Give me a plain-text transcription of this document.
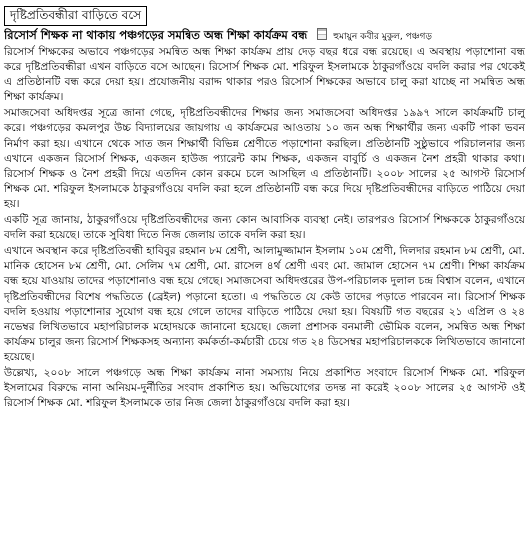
দৃষ্টিপ্রতিবন্ধীরা বাড়িতে বসে
রিসোর্স শিক্ষক না থাকায় পঞ্চগড়ের সমন্বিত অন্ধ শিক্ষা কার্যক্রম বন্ধ	হুমায়ুন কবীর মুকুল, পঞ্চগড়

রিসোর্স শিক্ষকের অভাবে পঞ্চগড়ের সমন্বিত অন্ধ শিক্ষা কার্যক্রম প্রায় দেড় বছর ধরে বন্ধ রয়েছে। এ অবস্থায় পড়াশোনা বন্ধ করে দৃষ্টিপ্রতিবন্ধীরা এখন বাড়িতে বসে আছেন। রিসোর্স শিক্ষক মো. শরিফুল ইসলামকে ঠাকুরগাঁওয়ে বদলি করার পর থেকেই এ প্রতিষ্ঠানটি বন্ধ করে দেয়া হয়। প্রযোজনীয় বরাদ্দ থাকার পরও রিসোর্স শিক্ষকের অভাবে চালু করা যাচ্ছে না সমন্বিত অন্ধ শিক্ষা কার্যক্রম।

সমাজসেবা অধিদপ্তর সূত্রে জানা গেছে, দৃষ্টিপ্রতিবন্ধীদের শিক্ষার জন্য সমাজসেবা অধিদপ্তর ১৯৯৭ সালে কার্যক্রমটি চালু করে। পঞ্চগড়ের কমলপুর উচ্চ বিদ্যালয়ের জায়গায় এ কার্যক্রমের আওতায় ১০ জন অন্ধ শিক্ষার্থীর জন্য একটি পাকা ভবন নির্মাণ করা হয়। এখানে থেকে সাত জন শিক্ষার্থী বিভিন্ন শ্রেণীতে পড়াশোনা করছিল। প্রতিষ্ঠানটি সুষ্ঠুভাবে পরিচালনার জন্য এখানে একজন রিসোর্স শিক্ষক, একজন হাউজ প্যারেন্ট কাম শিক্ষক, একজন বাবুর্চি ও একজন নৈশ প্রহরী থাকার কথা। রিসোর্স শিক্ষক ও নৈশ প্রহরী দিয়ে এতদিন কোন রকমে চলে আসছিল এ প্রতিষ্ঠানটি। ২০০৮ সালের ২৫ আগস্ট রিসোর্স শিক্ষক মো. শরিফুল ইসলামকে ঠাকুরগাঁওয়ে বদলি করা হলে প্রতিষ্ঠানটি বন্ধ করে দিয়ে দৃষ্টিপ্রতিবন্ধীদের বাড়িতে পাঠিয়ে দেয়া হয়।

একটি সূত্র জানায়, ঠাকুরগাঁওয়ে দৃষ্টিপ্রতিবন্ধীদের জন্য কোন আবাসিক ব্যবস্থা নেই। তারপরও রিসোর্স শিক্ষককে ঠাকুরগাঁওয়ে বদলি করা হয়েছে। তাকে সুবিধা দিতে নিজ জেলায় তাকে বদলি করা হয়।

এখানে অবস্থান করে দৃষ্টিপ্রতিবন্ধী হাবিবুর রহমান ৮ম শ্রেণী, আলামুজ্জামান ইসলাম ১০ম শ্রেণী, দিলদার রহমান ৮ম শ্রেণী, মো. মানিক হোসেন ৮ম শ্রেণী, মো. সেলিম ৭ম শ্রেণী, মো. রাসেল ৪র্থ শ্রেণী এবং মো. জামাল হোসেন ৭ম শ্রেণী। শিক্ষা কার্যক্রম বন্ধ হয়ে যাওয়ায় তাদের পড়াশোনাও বন্ধ হয়ে গেছে। সমাজসেবা অধিদপ্তরের উপ-পরিচালক দুলাল চন্দ্র বিশ্বাস বলেন, এখানে দৃষ্টিপ্রতিবন্ধীদের বিশেষ পদ্ধতিতে (ব্রেইল) পড়ানো হতো। এ পদ্ধতিতে যে কেউ তাদের পড়াতে পারবেন না। রিসোর্স শিক্ষক বদলি হওয়ায় পড়াশোনার সুযোগ বন্ধ হয়ে গেলে তাদের বাড়িতে পাঠিয়ে দেয়া হয়। বিষয়টি গত বছরের ২১ এপ্রিল ও ২৪ নভেম্বর লিখিতভাবে মহাপরিচালক মহোদয়কে জানানো হয়েছে। জেলা প্রশাসক বনমালী ভৌমিক বলেন, সমন্বিত অন্ধ শিক্ষা কার্যক্রম চালুর জন্য রিসোর্স শিক্ষকসহ অন্যান্য কর্মকর্তা-কর্মচারী চেয়ে গত ২৪ ডিসেম্বর মহাপরিচালককে লিখিতভাবে জানানো হয়েছে।

উল্লেখ্য, ২০০৮ সালে পঞ্চগড়ে অন্ধ শিক্ষা কার্যক্রম নানা সমস্যায় নিয়ে প্রকাশিত সংবাদে রিসোর্স শিক্ষক মো. শরিফুল ইসলামের বিরুদ্ধে নানা অনিয়ম-দুর্নীতির সংবাদ প্রকাশিত হয়। অভিযোগের তদন্ত না করেই ২০০৮ সালের ২৫ আগস্ট ওই রিসোর্স শিক্ষক মো. শরিফুল ইসলামকে তার নিজ জেলা ঠাকুরগাঁওয়ে বদলি করা হয়।
